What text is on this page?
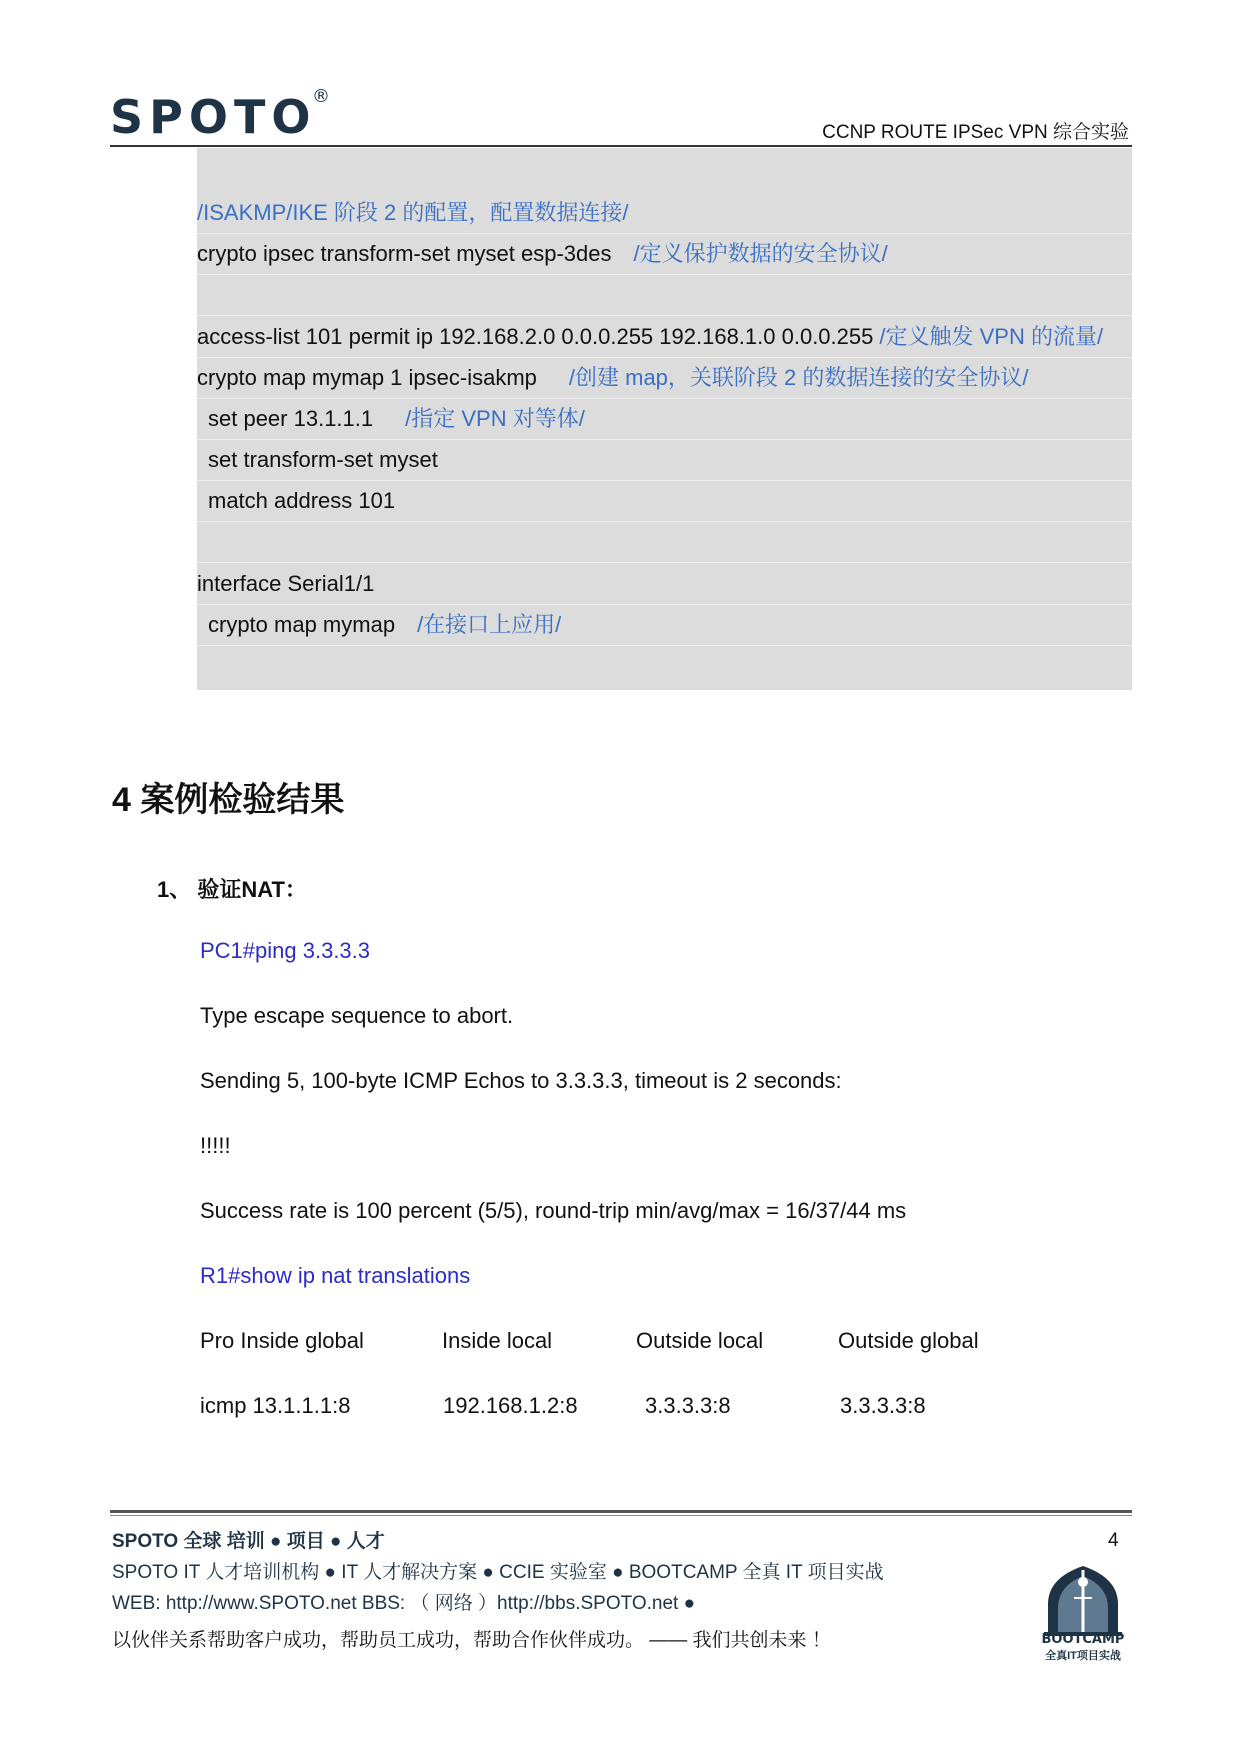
SPOTO
®
CCNP ROUTE IPSec VPN 综合实验
/ISAKMP/IKE 阶段 2 的配置，配置数据连接/
crypto ipsec transform-set myset esp-3des /定义保护数据的安全协议/
access-list 101 permit ip 192.168.2.0 0.0.0.255 192.168.1.0 0.0.0.255 /定义触发 VPN 的流量/
crypto map mymap 1 ipsec-isakmp /创建 map，关联阶段 2 的数据连接的安全协议/
set peer 13.1.1.1 /指定 VPN 对等体/
set transform-set myset
match address 101
interface Serial1/1
crypto map mymap /在接口上应用/
4 案例检验结果
1、 验证NAT：
PC1#ping 3.3.3.3
Type escape sequence to abort.
Sending 5, 100-byte ICMP Echos to 3.3.3.3, timeout is 2 seconds:
!!!!!
Success rate is 100 percent (5/5), round-trip min/avg/max = 16/37/44 ms
R1#show ip nat translations
Pro Inside global	Inside local	Outside local	Outside global
icmp 13.1.1.1:8	192.168.1.2:8	3.3.3.3:8	3.3.3.3:8
SPOTO 全球 培训 ● 项目 ● 人才
SPOTO IT 人才培训机构 ● IT 人才解决方案 ● CCIE 实验室 ● BOOTCAMP 全真 IT 项目实战
WEB: http://www.SPOTO.net BBS: （ 网络 ）http://bbs.SPOTO.net ●
以伙伴关系帮助客户成功，帮助员工成功，帮助合作伙伴成功。 —— 我们共创未来 ！
4
BOOTCAMP
全真IT项目实战
